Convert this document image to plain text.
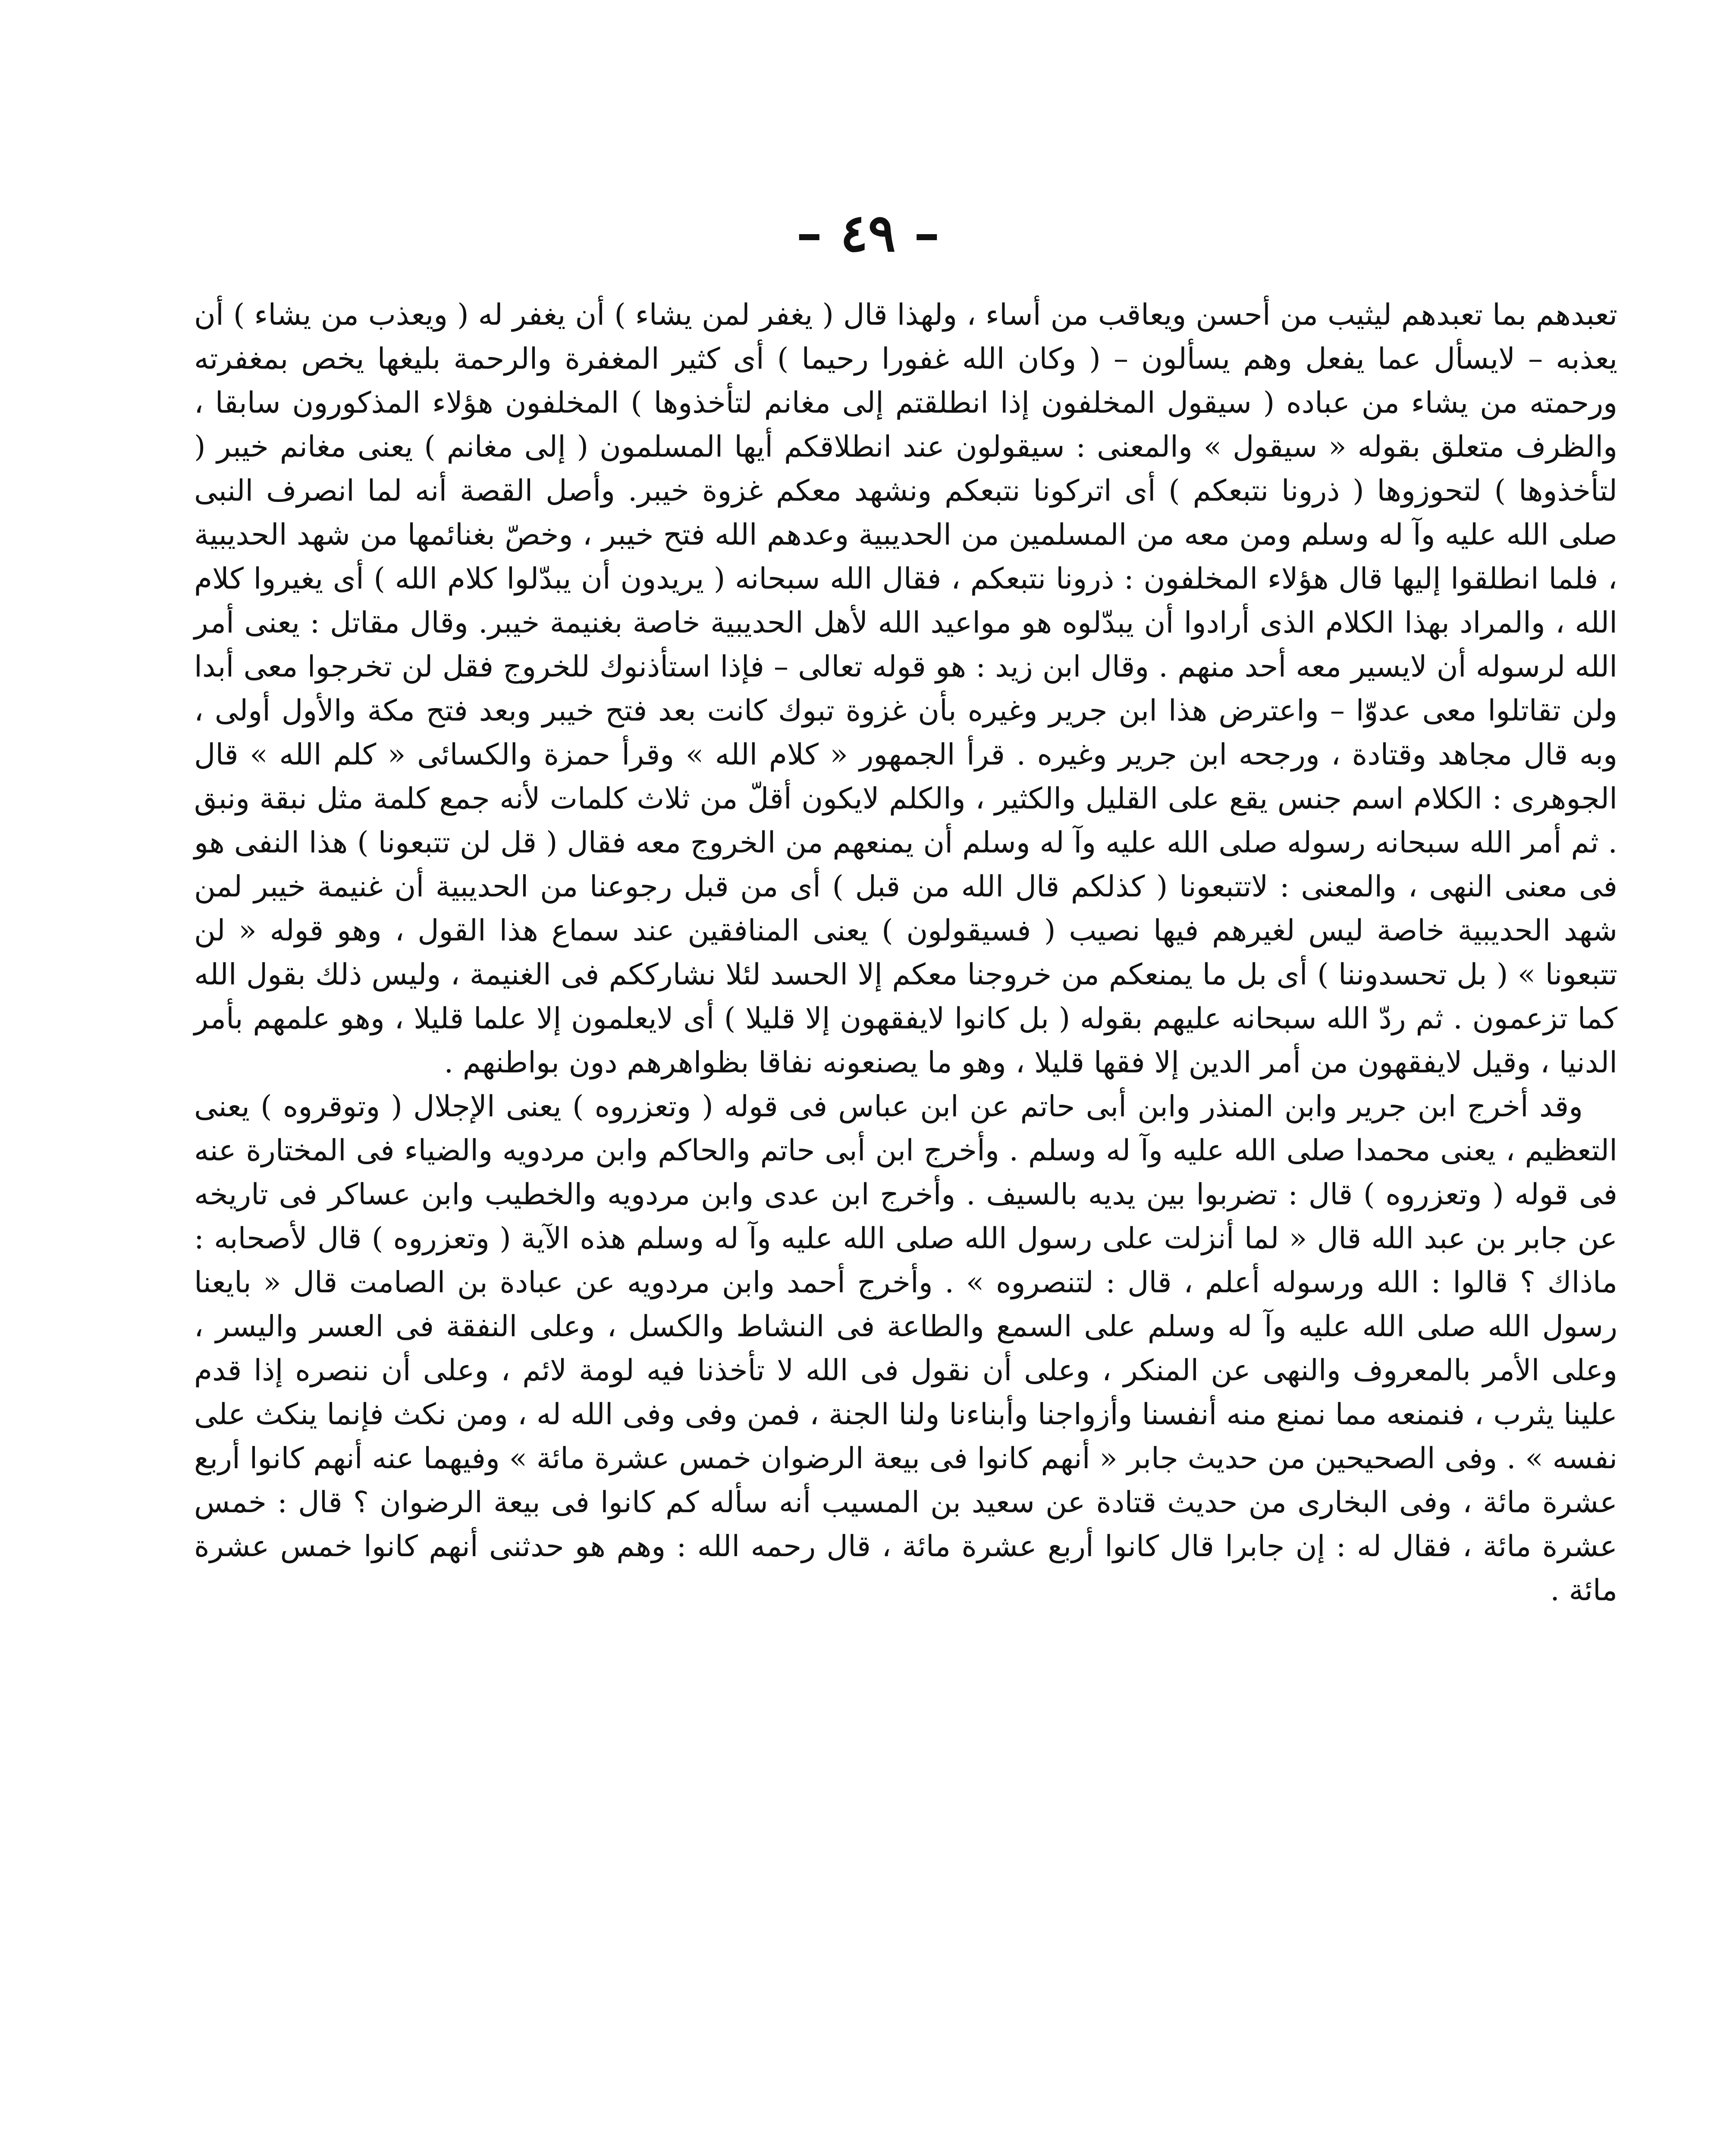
– ٤٩ –

تعبدهم بما تعبدهم ليثيب من أحسن ويعاقب من أساء ، ولهذا قال ( يغفر لمن يشاء ) أن يغفر له ( ويعذب من يشاء ) أن يعذبه – لايسأل عما يفعل وهم يسألون – ( وكان الله غفورا رحيما ) أى كثير المغفرة والرحمة بليغها يخص بمغفرته ورحمته من يشاء من عباده ( سيقول المخلفون إذا انطلقتم إلى مغانم لتأخذوها ) المخلفون هؤلاء المذكورون سابقا ، والظرف متعلق بقوله « سيقول » والمعنى : سيقولون عند انطلاقكم أيها المسلمون ( إلى مغانم ) يعنى مغانم خيبر ( لتأخذوها ) لتحوزوها ( ذرونا نتبعكم ) أى اتركونا نتبعكم ونشهد معكم غزوة خيبر. وأصل القصة أنه لما انصرف النبى صلى الله عليه وآ له وسلم ومن معه من المسلمين من الحديبية وعدهم الله فتح خيبر ، وخصّ بغنائمها من شهد الحديبية ، فلما انطلقوا إليها قال هؤلاء المخلفون : ذرونا نتبعكم ، فقال الله سبحانه ( يريدون أن يبدّلوا كلام الله ) أى يغيروا كلام الله ، والمراد بهذا الكلام الذى أرادوا أن يبدّلوه هو مواعيد الله لأهل الحديبية خاصة بغنيمة خيبر. وقال مقاتل : يعنى أمر الله لرسوله أن لايسير معه أحد منهم . وقال ابن زيد : هو قوله تعالى – فإذا استأذنوك للخروج فقل لن تخرجوا معى أبدا ولن تقاتلوا معى عدوّا – واعترض هذا ابن جرير وغيره بأن غزوة تبوك كانت بعد فتح خيبر وبعد فتح مكة والأول أولى ، وبه قال مجاهد وقتادة ، ورجحه ابن جرير وغيره . قرأ الجمهور « كلام الله » وقرأ حمزة والكسائى « كلم الله » قال الجوهرى : الكلام اسم جنس يقع على القليل والكثير ، والكلم لايكون أقلّ من ثلاث كلمات لأنه جمع كلمة مثل نبقة ونبق . ثم أمر الله سبحانه رسوله صلى الله عليه وآ له وسلم أن يمنعهم من الخروج معه فقال ( قل لن تتبعونا ) هذا النفى هو فى معنى النهى ، والمعنى : لاتتبعونا ( كذلكم قال الله من قبل ) أى من قبل رجوعنا من الحديبية أن غنيمة خيبر لمن شهد الحديبية خاصة ليس لغيرهم فيها نصيب ( فسيقولون ) يعنى المنافقين عند سماع هذا القول ، وهو قوله « لن تتبعونا » ( بل تحسدوننا ) أى بل ما يمنعكم من خروجنا معكم إلا الحسد لئلا نشارككم فى الغنيمة ، وليس ذلك بقول الله كما تزعمون . ثم ردّ الله سبحانه عليهم بقوله ( بل كانوا لايفقهون إلا قليلا ) أى لايعلمون إلا علما قليلا ، وهو علمهم بأمر الدنيا ، وقيل لايفقهون من أمر الدين إلا فقها قليلا ، وهو ما يصنعونه نفاقا بظواهرهم دون بواطنهم .

وقد أخرج ابن جرير وابن المنذر وابن أبى حاتم عن ابن عباس فى قوله ( وتعزروه ) يعنى الإجلال ( وتوقروه ) يعنى التعظيم ، يعنى محمدا صلى الله عليه وآ له وسلم . وأخرج ابن أبى حاتم والحاكم وابن مردويه والضياء فى المختارة عنه فى قوله ( وتعزروه ) قال : تضربوا بين يديه بالسيف . وأخرج ابن عدى وابن مردويه والخطيب وابن عساكر فى تاريخه عن جابر بن عبد الله قال « لما أنزلت على رسول الله صلى الله عليه وآ له وسلم هذه الآية ( وتعزروه ) قال لأصحابه : ماذاك ؟ قالوا : الله ورسوله أعلم ، قال : لتنصروه » . وأخرج أحمد وابن مردويه عن عبادة بن الصامت قال « بايعنا رسول الله صلى الله عليه وآ له وسلم على السمع والطاعة فى النشاط والكسل ، وعلى النفقة فى العسر واليسر ، وعلى الأمر بالمعروف والنهى عن المنكر ، وعلى أن نقول فى الله لا تأخذنا فيه لومة لائم ، وعلى أن ننصره إذا قدم علينا يثرب ، فنمنعه مما نمنع منه أنفسنا وأزواجنا وأبناءنا ولنا الجنة ، فمن وفى وفى الله له ، ومن نكث فإنما ينكث على نفسه » . وفى الصحيحين من حديث جابر « أنهم كانوا فى بيعة الرضوان خمس عشرة مائة » وفيهما عنه أنهم كانوا أربع عشرة مائة ، وفى البخارى من حديث قتادة عن سعيد بن المسيب أنه سأله كم كانوا فى بيعة الرضوان ؟ قال : خمس عشرة مائة ، فقال له : إن جابرا قال كانوا أربع عشرة مائة ، قال رحمه الله : وهم هو حدثنى أنهم كانوا خمس عشرة مائة .
